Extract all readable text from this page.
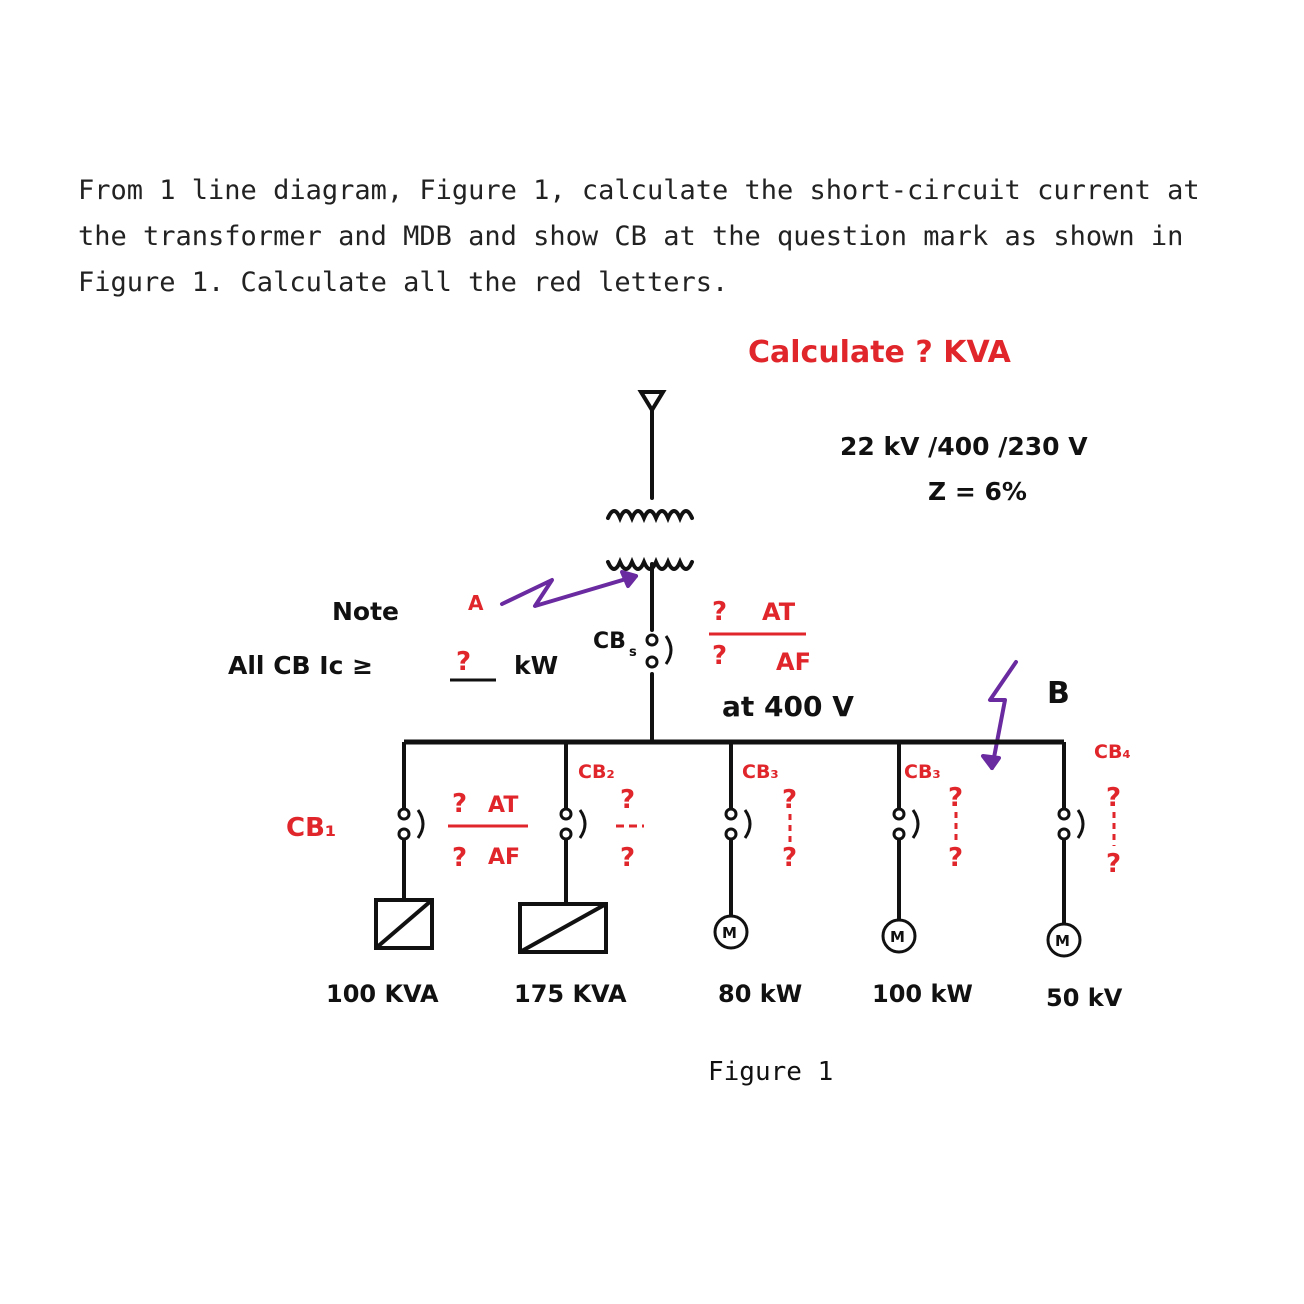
From 1 line diagram, Figure 1, calculate the short-circuit current at the transformer and MDB and show CB at the question mark as shown in Figure 1. Calculate all the red letters.

Calculate ? KVA
22 kV /400 /230 V
Z = 6%
CB s
? AT
? AF
at 400 V
Note
All CB Ic ≥	? kW
A
B
CB₁
? AT
? AF
100 KVA
CB₂
?
?
175 KVA
M
CB₃
?
?
80 kW
M
CB₃
?
?
100 kW
M
CB₄
?
?
50 kV
Figure 1
